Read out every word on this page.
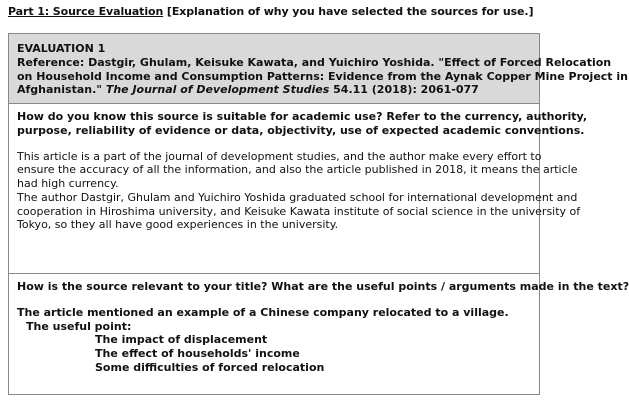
Part 1: Source Evaluation [Explanation of why you have selected the sources for use.]
EVALUATION 1
Reference: Dastgir, Ghulam, Keisuke Kawata, and Yuichiro Yoshida. "Effect of Forced Relocation
on Household Income and Consumption Patterns: Evidence from the Aynak Copper Mine Project in
Afghanistan." The Journal of Development Studies 54.11 (2018): 2061-077
How do you know this source is suitable for academic use? Refer to the currency, authority,
purpose, reliability of evidence or data, objectivity, use of expected academic conventions.
This article is a part of the journal of development studies, and the author make every effort to
ensure the accuracy of all the information, and also the article published in 2018, it means the article
had high currency.
The author Dastgir, Ghulam and Yuichiro Yoshida graduated school for international development and
cooperation in Hiroshima university, and Keisuke Kawata institute of social science in the university of
Tokyo, so they all have good experiences in the university.
How is the source relevant to your title? What are the useful points / arguments made in the text?
The article mentioned an example of a Chinese company relocated to a village.
The useful point:
The impact of displacement
The effect of households' income
Some difficulties of forced relocation
